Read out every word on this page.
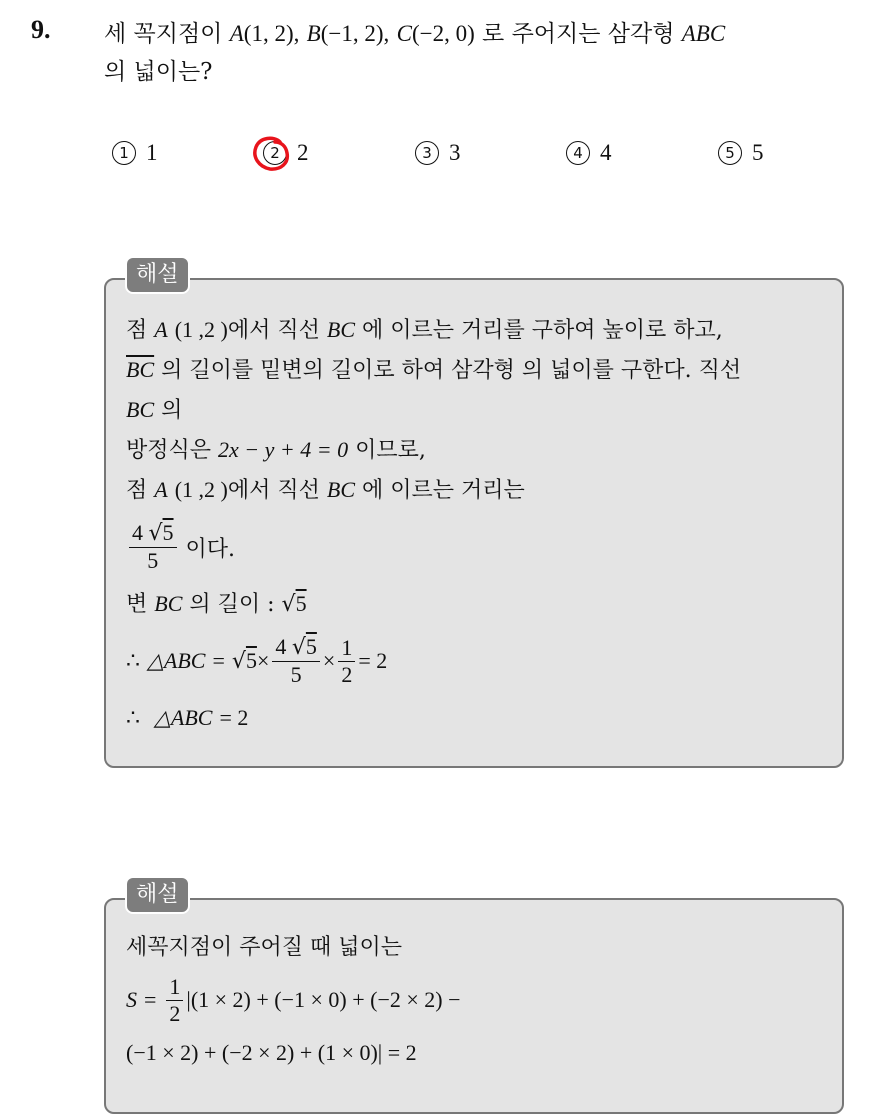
9. 세 꼭지점이 A(1, 2), B(−1, 2), C(−2, 0) 로 주어지는 삼각형 ABC
의 넓이는?
1 1	2 2	3 3	4 4	5 5
점 A (1 ,2 )에서 직선 BC 에 이르는 거리를 구하여 높이로 하고,
$\overline{BC}$ 의 길이를 밑변의 길이로 하여 삼각형 의 넓이를 구한다. 직선
BC 의
방정식은 2x − y + 4 = 0 이므로,
점 A (1 ,2 )에서 직선 BC 에 이르는 거리는
$\frac{4 √5}{5}$ 이다.
변 BC 의 길이 : √5
∴
△ABC
=
√ $5 \times \frac{4 √5}{5} \times \frac{1}{2} = 2$
∴ △ABC = 2
해설
세꼭지점이 주어질 때 넓이는
S
=
$\frac{1}{2} |(1 \times 2) + (-1 \times 0) + (-2 \times 2)$ −
(−1 × 2) + (−2 × 2) + (1 × 0)| = 2
해설
